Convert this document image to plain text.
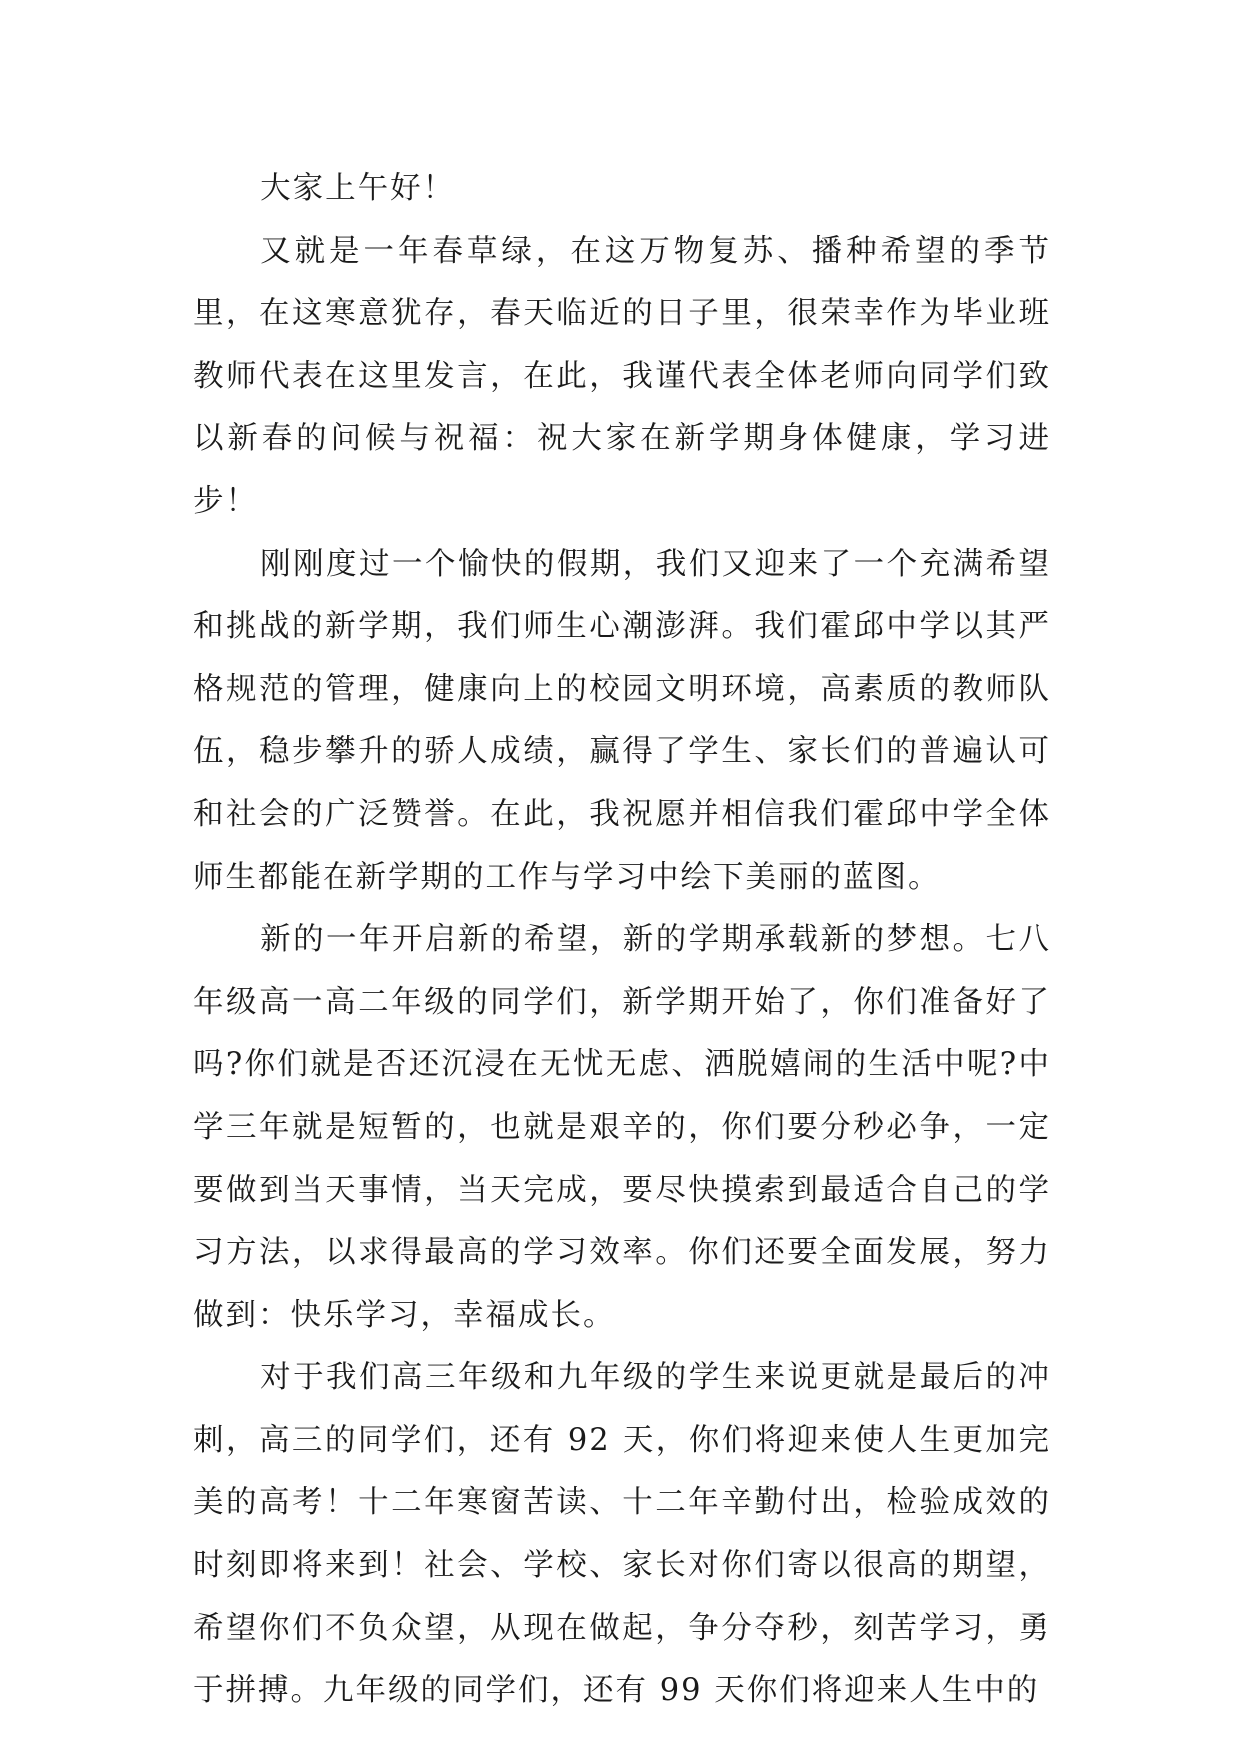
大家上午好！

又就是一年春草绿，在这万物复苏、播种希望的季节里，在这寒意犹存，春天临近的日子里，很荣幸作为毕业班教师代表在这里发言，在此，我谨代表全体老师向同学们致以新春的问候与祝福：祝大家在新学期身体健康，学习进步！

刚刚度过一个愉快的假期，我们又迎来了一个充满希望和挑战的新学期，我们师生心潮澎湃。我们霍邱中学以其严格规范的管理，健康向上的校园文明环境，高素质的教师队伍，稳步攀升的骄人成绩，赢得了学生、家长们的普遍认可和社会的广泛赞誉。在此，我祝愿并相信我们霍邱中学全体师生都能在新学期的工作与学习中绘下美丽的蓝图。

新的一年开启新的希望，新的学期承载新的梦想。七八年级高一高二年级的同学们，新学期开始了，你们准备好了吗?你们就是否还沉浸在无忧无虑、洒脱嬉闹的生活中呢?中学三年就是短暂的，也就是艰辛的，你们要分秒必争，一定要做到当天事情，当天完成，要尽快摸索到最适合自己的学习方法，以求得最高的学习效率。你们还要全面发展，努力做到：快乐学习，幸福成长。

对于我们高三年级和九年级的学生来说更就是最后的冲刺，高三的同学们，还有 92 天，你们将迎来使人生更加完美的高考！十二年寒窗苦读、十二年辛勤付出，检验成效的时刻即将来到！社会、学校、家长对你们寄以很高的期望，希望你们不负众望，从现在做起，争分夺秒，刻苦学习，勇于拼搏。九年级的同学们，还有 99 天你们将迎来人生中的
